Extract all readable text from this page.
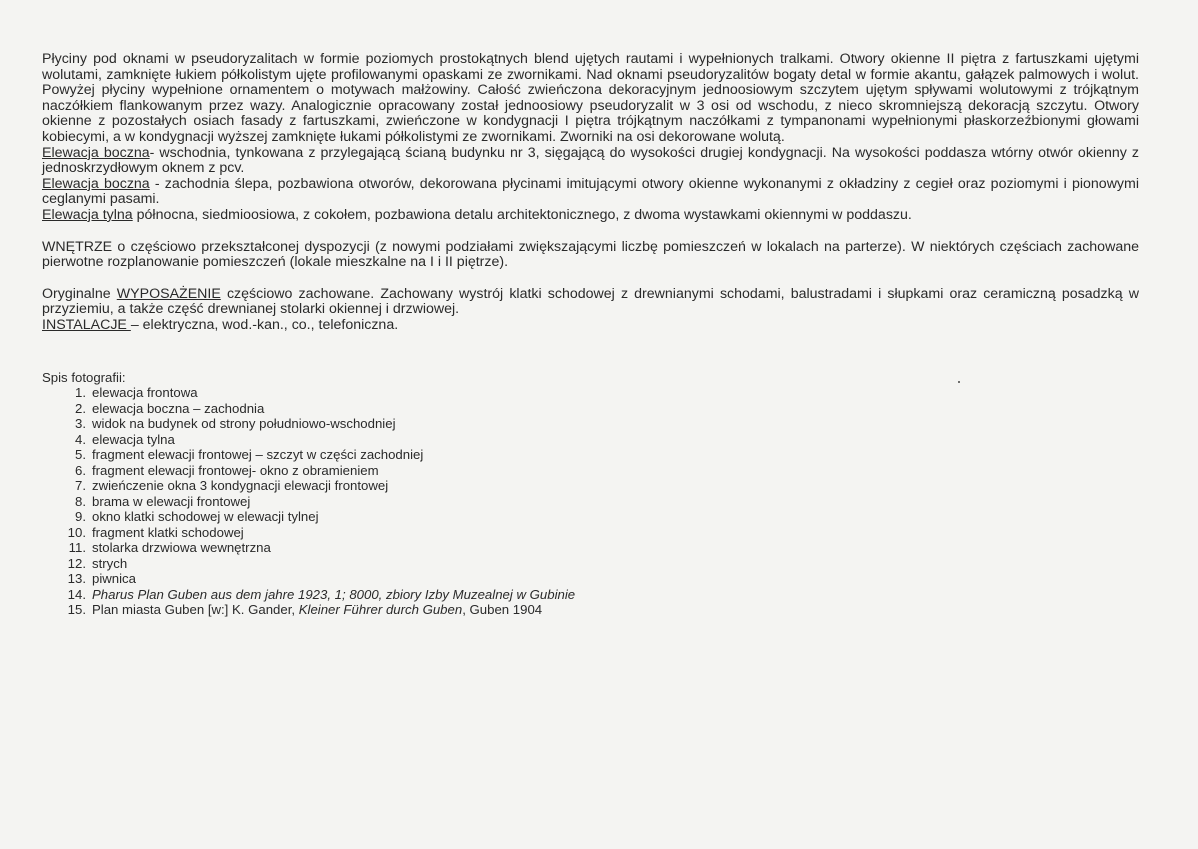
Płyciny pod oknami w pseudoryzalitach w formie poziomych prostokątnych blend ujętych rautami i wypełnionych tralkami. Otwory okienne II piętra z fartuszkami ujętymi wolutami, zamknięte łukiem półkolistym ujęte profilowanymi opaskami ze zwornikami. Nad oknami pseudoryzalitów bogaty detal w formie akantu, gałązek palmowych i wolut. Powyżej płyciny wypełnione ornamentem o motywach małżowiny. Całość zwieńczona dekoracyjnym jednoosiowym szczytem ujętym spływami wolutowymi z trójkątnym naczółkiem flankowanym przez wazy. Analogicznie opracowany został jednoosiowy pseudoryzalit w 3 osi od wschodu, z nieco skromniejszą dekoracją szczytu. Otwory okienne z pozostałych osiach fasady z fartuszkami, zwieńczone w kondygnacji I piętra trójkątnym naczółkami z tympanonami wypełnionymi płaskorzeźbionymi głowami kobiecymi, a w kondygnacji wyższej zamknięte łukami półkolistymi ze zwornikami. Zworniki na osi dekorowane wolutą.

Elewacja boczna- wschodnia, tynkowana z przylegającą ścianą budynku nr 3, sięgającą do wysokości drugiej kondygnacji. Na wysokości poddasza wtórny otwór okienny z jednoskrzydłowym oknem z pcv.

Elewacja boczna - zachodnia ślepa, pozbawiona otworów, dekorowana płycinami imitującymi otwory okienne wykonanymi z okładziny z cegieł oraz poziomymi i pionowymi ceglanymi pasami.

Elewacja tylna północna, siedmioosiowa, z cokołem, pozbawiona detalu architektonicznego, z dwoma wystawkami okiennymi w poddaszu.

WNĘTRZE o częściowo przekształconej dyspozycji (z nowymi podziałami zwiększającymi liczbę pomieszczeń w lokalach na parterze). W niektórych częściach zachowane pierwotne rozplanowanie pomieszczeń (lokale mieszkalne na I i II piętrze).

Oryginalne WYPOSAŻENIE częściowo zachowane. Zachowany wystrój klatki schodowej z drewnianymi schodami, balustradami i słupkami oraz ceramiczną posadzką w przyziemiu, a także część drewnianej stolarki okiennej i drzwiowej.

INSTALACJE – elektryczna, wod.-kan., co., telefoniczna.

Spis fotografii:
1. elewacja frontowa
2. elewacja boczna – zachodnia
3. widok na budynek od strony południowo-wschodniej
4. elewacja tylna
5. fragment elewacji frontowej – szczyt w części zachodniej
6. fragment elewacji frontowej- okno z obramieniem
7. zwieńczenie okna 3 kondygnacji elewacji frontowej
8. brama w elewacji frontowej
9. okno klatki schodowej w elewacji tylnej
10. fragment klatki schodowej
11. stolarka drzwiowa wewnętrzna
12. strych
13. piwnica
14. Pharus Plan Guben aus dem jahre 1923, 1; 8000, zbiory Izby Muzealnej w Gubinie
15. Plan miasta Guben [w:] K. Gander, Kleiner Führer durch Guben, Guben 1904
